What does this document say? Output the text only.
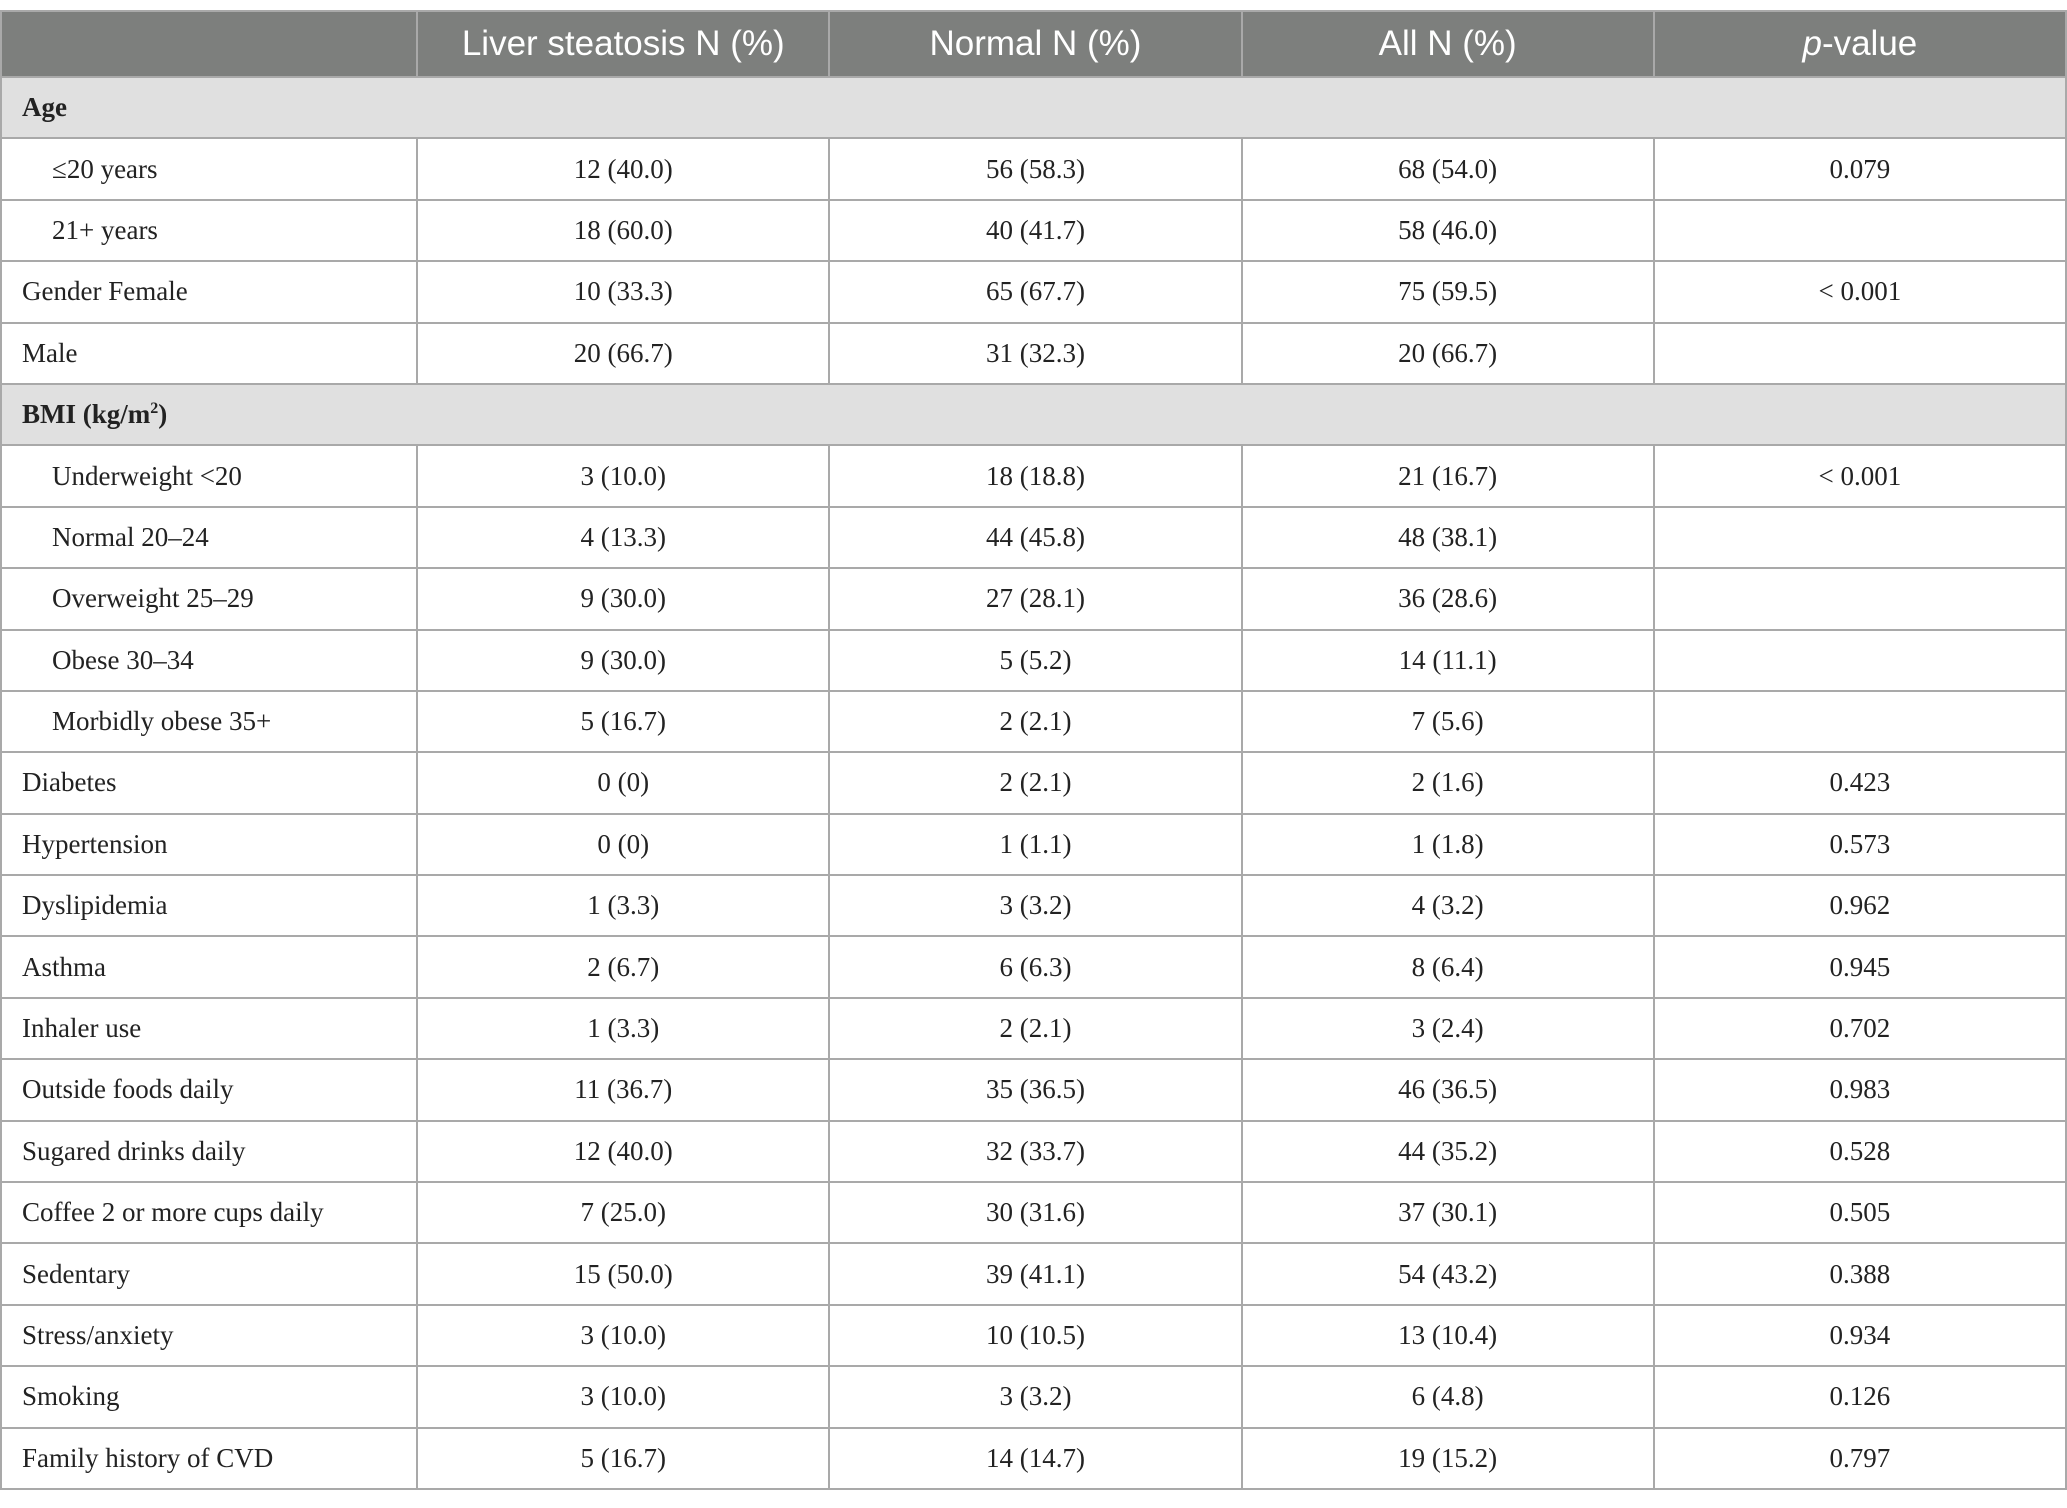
	Liver steatosis N (%)	Normal N (%)	All N (%)	p-value
Age				
≤20 years	12 (40.0)	56 (58.3)	68 (54.0)	0.079
21+ years	18 (60.0)	40 (41.7)	58 (46.0)	
Gender Female	10 (33.3)	65 (67.7)	75 (59.5)	< 0.001
Male	20 (66.7)	31 (32.3)	20 (66.7)	
BMI $(kg/m^2)$				
Underweight <20	3 (10.0)	18 (18.8)	21 (16.7)	< 0.001
Normal 20–24	4 (13.3)	44 (45.8)	48 (38.1)	
Overweight 25–29	9 (30.0)	27 (28.1)	36 (28.6)	
Obese 30–34	9 (30.0)	5 (5.2)	14 (11.1)	
Morbidly obese 35+	5 (16.7)	2 (2.1)	7 (5.6)	
Diabetes	0 (0)	2 (2.1)	2 (1.6)	0.423
Hypertension	0 (0)	1 (1.1)	1 (1.8)	0.573
Dyslipidemia	1 (3.3)	3 (3.2)	4 (3.2)	0.962
Asthma	2 (6.7)	6 (6.3)	8 (6.4)	0.945
Inhaler use	1 (3.3)	2 (2.1)	3 (2.4)	0.702
Outside foods daily	11 (36.7)	35 (36.5)	46 (36.5)	0.983
Sugared drinks daily	12 (40.0)	32 (33.7)	44 (35.2)	0.528
Coffee 2 or more cups daily	7 (25.0)	30 (31.6)	37 (30.1)	0.505
Sedentary	15 (50.0)	39 (41.1)	54 (43.2)	0.388
Stress/anxiety	3 (10.0)	10 (10.5)	13 (10.4)	0.934
Smoking	3 (10.0)	3 (3.2)	6 (4.8)	0.126
Family history of CVD	5 (16.7)	14 (14.7)	19 (15.2)	0.797
